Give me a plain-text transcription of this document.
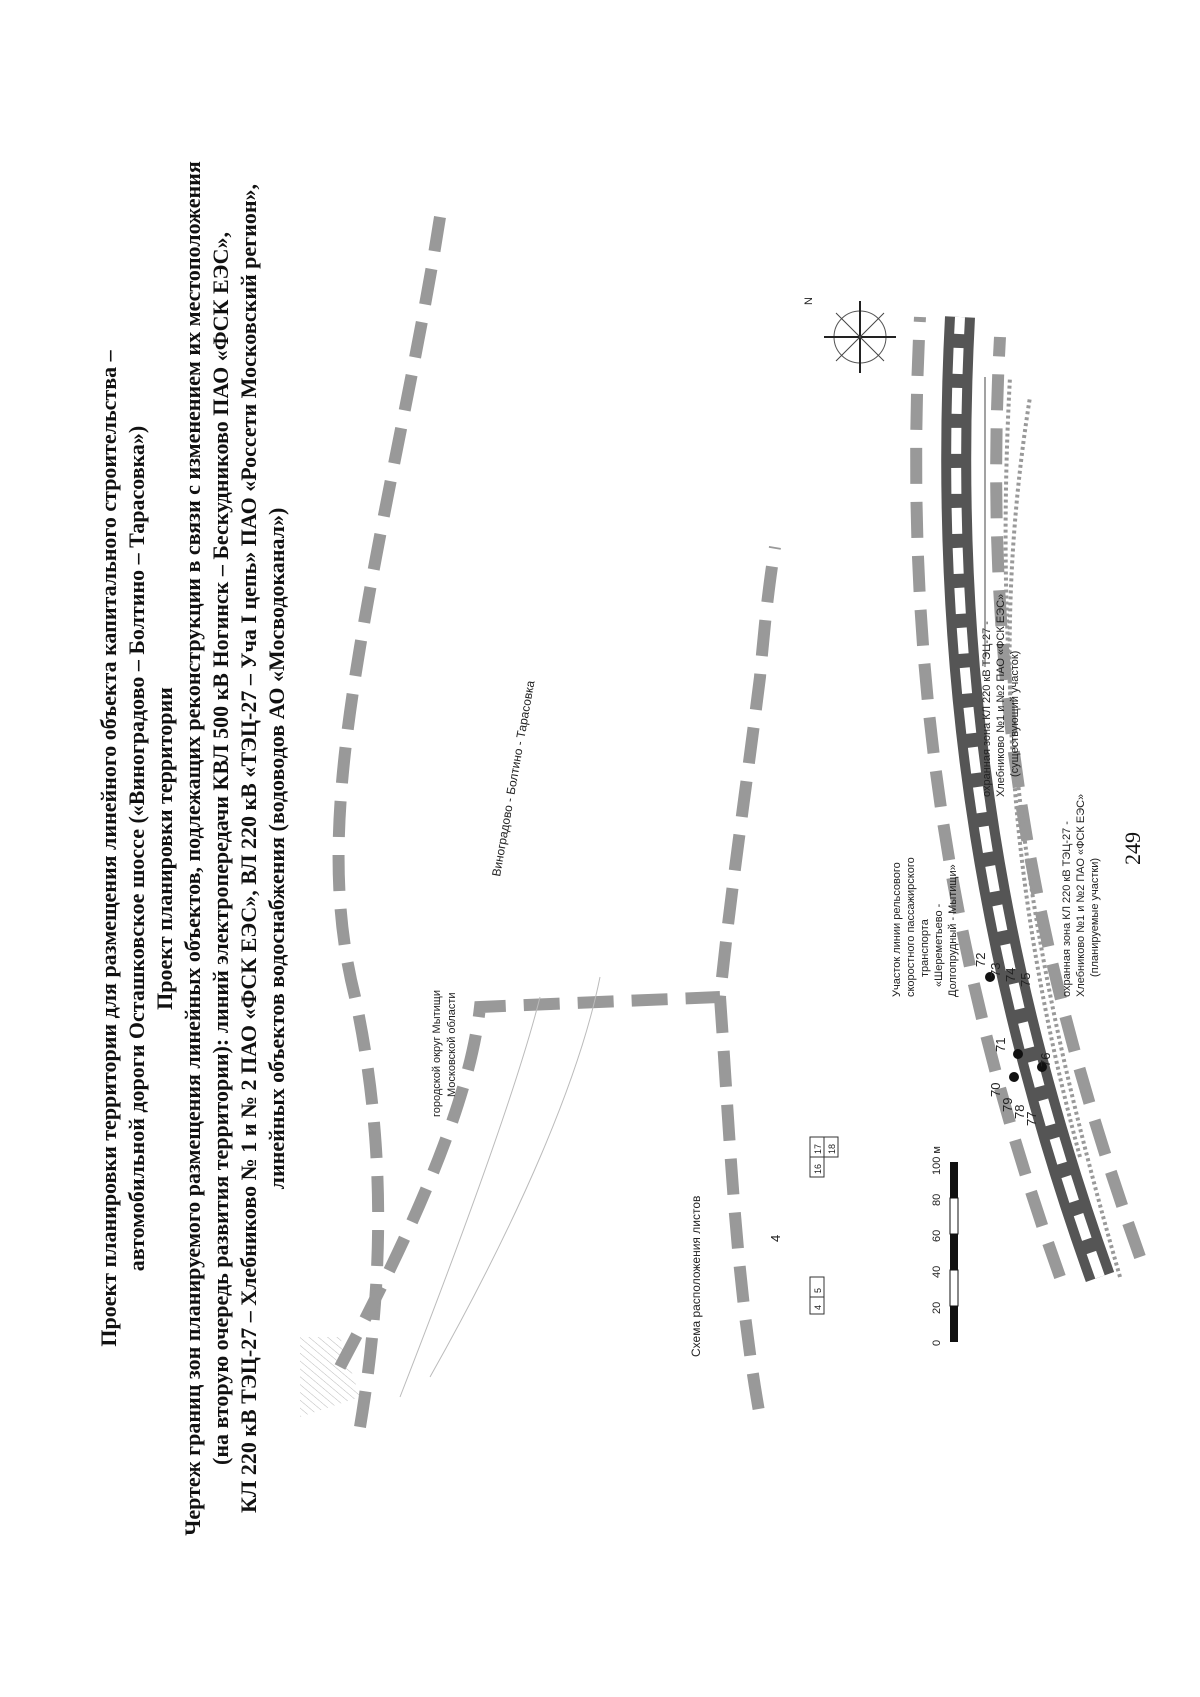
Проект планировки территории для размещения линейного объекта капитального строительства – автомобильной дороги Осташковское шоссе («Виноградово – Болтино – Тарасовка») Проект планировки территории Чертеж границ зон планируемого размещения линейных объектов, подлежащих реконструкции в связи с изменением их местоположения (на вторую очередь развития территории): линий электропередачи КВЛ 500 кВ Ногинск – Бескудниково ПАО «ФСК ЕЭС», КЛ 220 кВ ТЭЦ-27 – Хлебниково № 1 и № 2 ПАО «ФСК ЕЭС», ВЛ 220 кВ «ТЭЦ-27 – Уча I цепь» ПАО «Россети Московский регион», линейных объектов водоснабжения (водоводов АО «Мосводоканал»)	249
72
73 74 75
76
71
70
79
78
77
Виноградово - Болтино - Тарасовка
городской округ Мытищи Московской области
Участок линии рельсового скоростного пассажирского транспорта «Шереметьево - Долгопрудный - Мытищи»
охранная зона КЛ 220 кВ ТЭЦ-27 - Хлебниково №1 и №2 ПАО «ФСК ЕЭС» (существующий участок)
охранная зона КЛ 220 кВ ТЭЦ-27 - Хлебниково №1 и №2 ПАО «ФСК ЕЭС» (планируемые участки)
N
Схема расположения листов	4
4
5
16
17 18
0
20
40
60
80
100 м
